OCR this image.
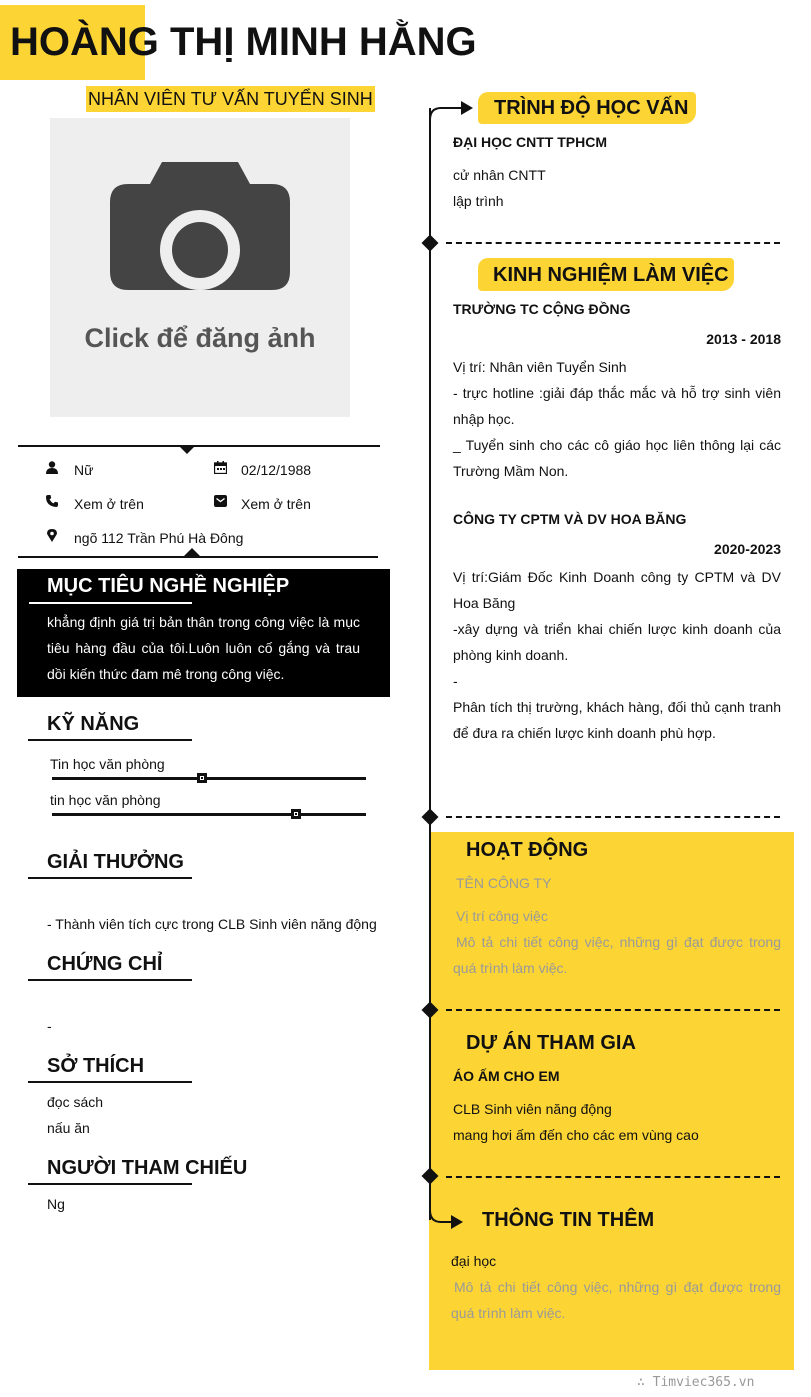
HOÀNG THỊ MINH HẰNG
NHÂN VIÊN TƯ VẤN TUYỂN SINH
Click để đăng ảnh
Nữ	02/12/1988
Xem ở trên	Xem ở trên
ngõ 112 Trần Phú Hà Đông
MỤC TIÊU NGHỀ NGHIỆP
khẳng định giá trị bản thân trong công việc là mục tiêu hàng đầu của tôi.Luôn luôn cố gắng và trau dồi kiến thức đam mê trong công việc.
KỸ NĂNG
Tin học văn phòng
tin học văn phòng
GIẢI THƯỞNG
- Thành viên tích cực trong CLB Sinh viên năng động
CHỨNG CHỈ
-
SỞ THÍCH
đọc sách
nấu ăn
NGƯỜI THAM CHIẾU
Ng
TRÌNH ĐỘ HỌC VẤN
ĐẠI HỌC CNTT TPHCM
cử nhân CNTT
lập trình
KINH NGHIỆM LÀM VIỆC
TRƯỜNG TC CỘNG ĐỒNG
2013 - 2018
Vị trí: Nhân viên Tuyển Sinh
- trực hotline :giải đáp thắc mắc và hỗ trợ sinh viên nhập học.
_ Tuyển sinh cho các cô giáo học liên thông lại các Trường Mầm Non.
CÔNG TY CPTM VÀ DV HOA BĂNG
2020-2023
Vị trí:Giám Đốc Kinh Doanh công ty CPTM và DV Hoa Băng
-xây dựng và triển khai chiến lược kinh doanh của phòng kinh doanh.
-
Phân tích thị trường, khách hàng, đối thủ cạnh tranh để đưa ra chiến lược kinh doanh phù hợp.
HOẠT ĐỘNG
TÊN CÔNG TY
Vị trí công việc
Mô tả chi tiết công việc, những gì đạt được trong quá trình làm việc.
DỰ ÁN THAM GIA
ÁO ẤM CHO EM
CLB Sinh viên năng động
mang hơi ấm đến cho các em vùng cao
THÔNG TIN THÊM
đại học
Mô tả chi tiết công việc, những gì đạt được trong quá trình làm việc.
∴ Timviec365.vn
